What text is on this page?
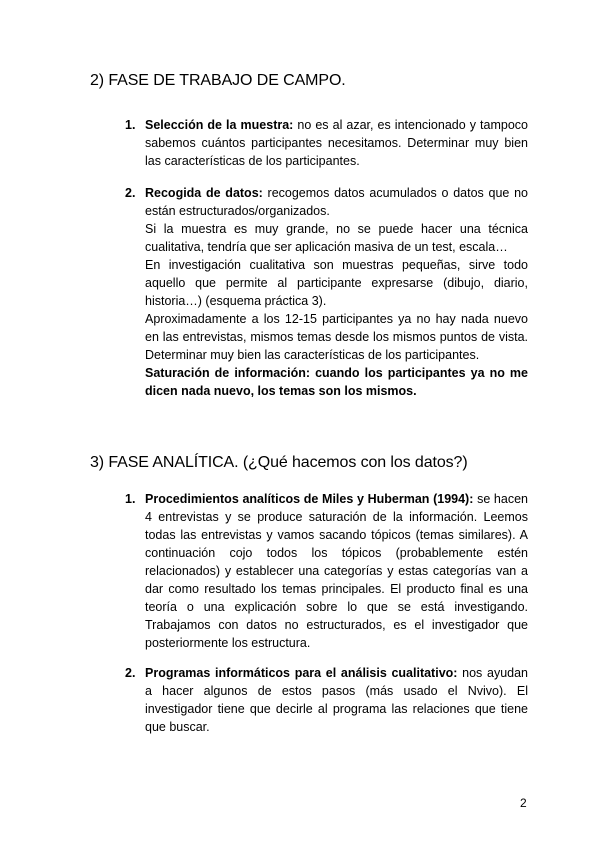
2) FASE DE TRABAJO DE CAMPO.
1. Selección de la muestra: no es al azar, es intencionado y tampoco sabemos cuántos participantes necesitamos. Determinar muy bien las características de los participantes.

2. Recogida de datos: recogemos datos acumulados o datos que no están estructurados/organizados.

Si la muestra es muy grande, no se puede hacer una técnica cualitativa, tendría que ser aplicación masiva de un test, escala…

En investigación cualitativa son muestras pequeñas, sirve todo aquello que permite al participante expresarse (dibujo, diario, historia…) (esquema práctica 3).

Aproximadamente a los 12-15 participantes ya no hay nada nuevo en las entrevistas, mismos temas desde los mismos puntos de vista. Determinar muy bien las características de los participantes.

Saturación de información: cuando los participantes ya no me dicen nada nuevo, los temas son los mismos.

3) FASE ANALÍTICA. (¿Qué hacemos con los datos?)
1. Procedimientos analíticos de Miles y Huberman (1994): se hacen 4 entrevistas y se produce saturación de la información. Leemos todas las entrevistas y vamos sacando tópicos (temas similares). A continuación cojo todos los tópicos (probablemente estén relacionados) y establecer una categorías y estas categorías van a dar como resultado los temas principales. El producto final es una teoría o una explicación sobre lo que se está investigando. Trabajamos con datos no estructurados, es el investigador que posteriormente los estructura.

2. Programas informáticos para el análisis cualitativo: nos ayudan a hacer algunos de estos pasos (más usado el Nvivo). El investigador tiene que decirle al programa las relaciones que tiene que buscar.

2
